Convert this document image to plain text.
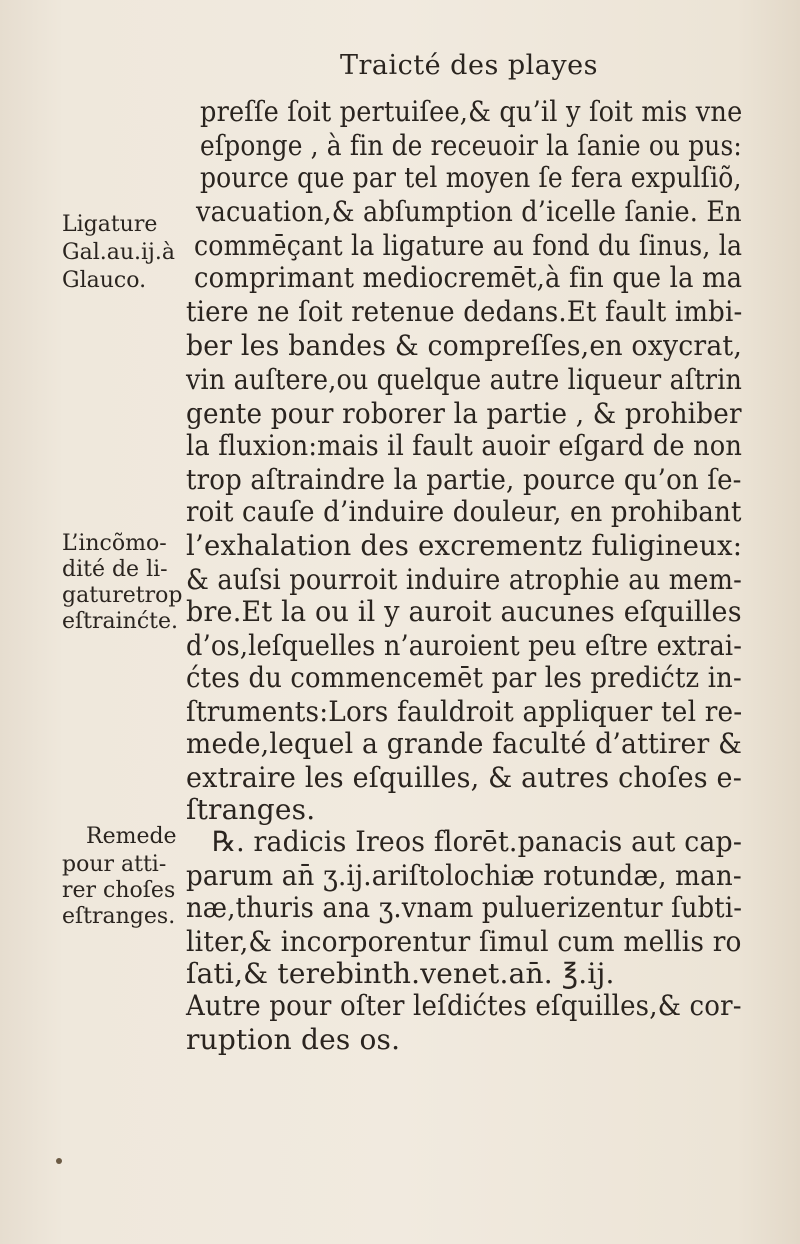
Traicté des playes
Ligature
Gal.au.ij.à
Glauco.
L’incõmo-
dité de li-
gaturetrop
eſtrainćte.
Remede
pour atti-
rer choſes
eſtranges.
preſſe ſoit pertuiſee,& qu’il y ſoit mis vne
eſponge , à fin de receuoir la ſanie ou pus:
pource que par tel moyen ſe fera expulſiõ,
vacuation,& abſumption d’icelle ſanie. En
commēçant la ligature au fond du ſinus, la
comprimant mediocremēt,à fin que la ma
tiere ne ſoit retenue dedans.Et fault imbi-
ber les bandes & compreſſes,en oxycrat,
vin auſtere,ou quelque autre liqueur aſtrin
gente pour roborer la partie , & prohiber
la fluxion:mais il fault auoir eſgard de non
trop aſtraindre la partie, pource qu’on ſe-
roit cauſe d’induire douleur, en prohibant
l’exhalation des excrementz fuligineux:
& auſsi pourroit induire atrophie au mem-
bre.Et la ou il y auroit aucunes eſquilles
d’os,leſquelles n’auroient peu eſtre extrai-
ćtes du commencemēt par les predićtz in-
ſtruments:Lors fauldroit appliquer tel re-
mede,lequel a grande faculté d’attirer &
extraire les eſquilles, & autres choſes e-
ſtranges.
℞. radicis Ireos florēt.panacis aut cap-
parum an̄ ʒ.ij.ariſtolochiæ rotundæ, man-
næ,thuris ana ʒ.vnam puluerizentur ſubti-
liter,& incorporentur ſimul cum mellis ro
ſati,& terebinth.venet.an̄. ℥.ij.
Autre pour oſter leſdićtes eſquilles,& cor-
ruption des os.
